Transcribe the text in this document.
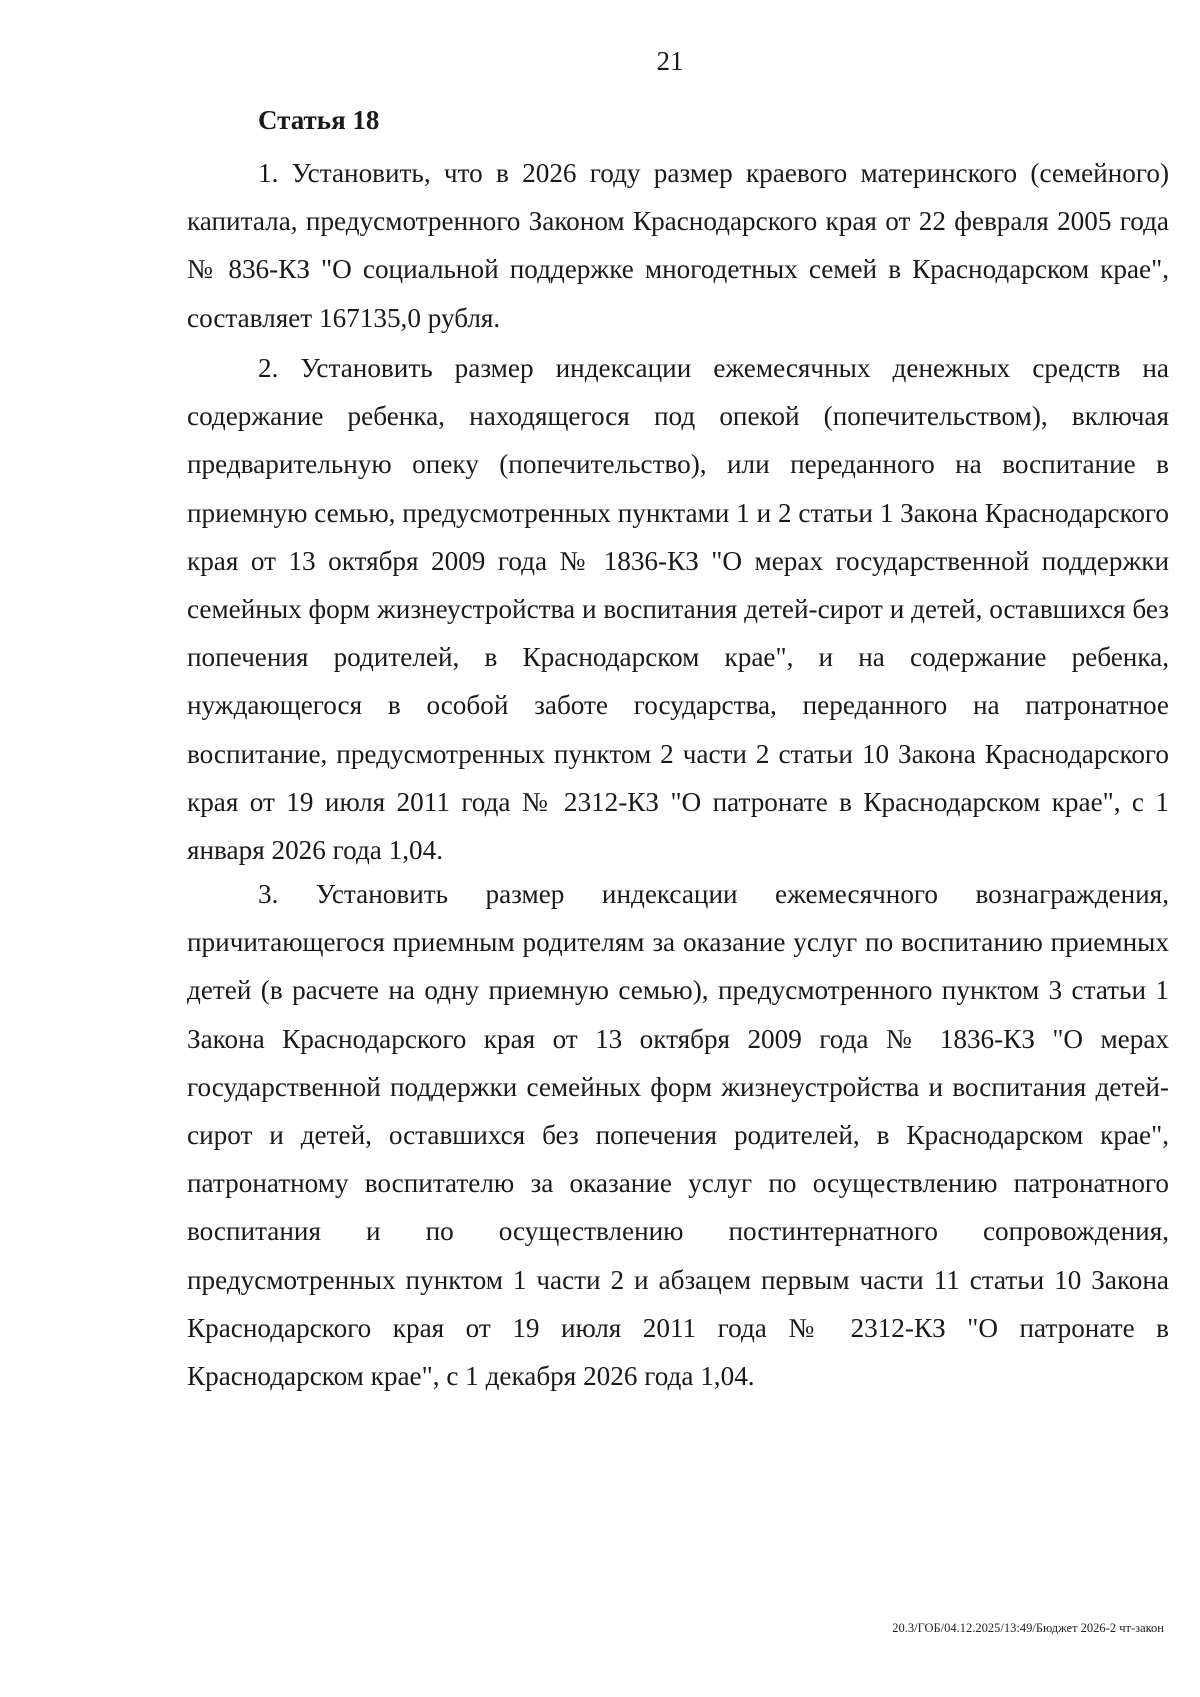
21
Статья 18

1. Установить, что в 2026 году размер краевого материнского (семейного) капитала, предусмотренного Законом Краснодарского края от 22 февраля 2005 года № 836-КЗ "О социальной поддержке многодетных семей в Краснодарском крае", составляет 167135,0 рубля.

2. Установить размер индексации ежемесячных денежных средств на содержание ребенка, находящегося под опекой (попечительством), включая предварительную опеку (попечительство), или переданного на воспитание в приемную семью, предусмотренных пунктами 1 и 2 статьи 1 Закона Краснодарского края от 13 октября 2009 года № 1836-КЗ "О мерах государственной поддержки семейных форм жизнеустройства и воспитания детей-сирот и детей, оставшихся без попечения родителей, в Краснодарском крае", и на содержание ребенка, нуждающегося в особой заботе государства, переданного на патронатное воспитание, предусмотренных пунктом 2 части 2 статьи 10 Закона Краснодарского края от 19 июля 2011 года № 2312-КЗ "О патронате в Краснодарском крае", с 1 января 2026 года 1,04.

3. Установить размер индексации ежемесячного вознаграждения, причитающегося приемным родителям за оказание услуг по воспитанию приемных детей (в расчете на одну приемную семью), предусмотренного пунктом 3 статьи 1 Закона Краснодарского края от 13 октября 2009 года № 1836-КЗ "О мерах государственной поддержки семейных форм жизнеустройства и воспитания детей-сирот и детей, оставшихся без попечения родителей, в Краснодарском крае", патронатному воспитателю за оказание услуг по осуществлению патронатного воспитания и по осуществлению постинтернатного сопровождения, предусмотренных пунктом 1 части 2 и абзацем первым части 11 статьи 10 Закона Краснодарского края от 19 июля 2011 года № 2312-КЗ "О патронате в Краснодарском крае", с 1 декабря 2026 года 1,04.

20.3/ГОБ/04.12.2025/13:49/Бюджет 2026-2 чт-закон
